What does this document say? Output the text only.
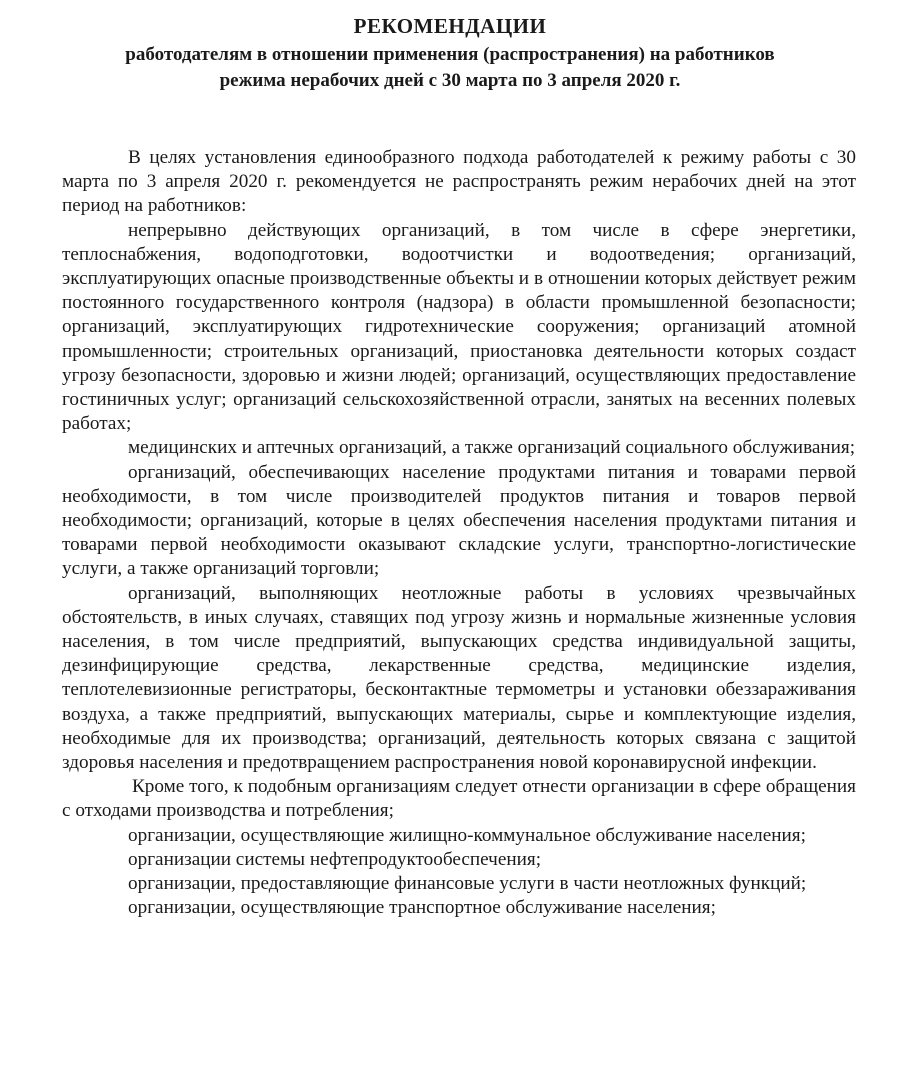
РЕКОМЕНДАЦИИ
работодателям в отношении применения (распространения) на работников
режима нерабочих дней с 30 марта по 3 апреля 2020 г.

В целях установления единообразного подхода работодателей к режиму работы с 30 марта по 3 апреля 2020 г. рекомендуется не распространять режим нерабочих дней на этот период на работников:

непрерывно действующих организаций, в том числе в сфере энергетики, теплоснабжения, водоподготовки, водоотчистки и водоотведения; организаций, эксплуатирующих опасные производственные объекты и в отношении которых действует режим постоянного государственного контроля (надзора) в области промышленной безопасности; организаций, эксплуатирующих гидротехнические сооружения; организаций атомной промышленности; строительных организаций, приостановка деятельности которых создаст угрозу безопасности, здоровью и жизни людей; организаций, осуществляющих предоставление гостиничных услуг; организаций сельскохозяйственной отрасли, занятых на весенних полевых работах;

медицинских и аптечных организаций, а также организаций социального обслуживания;

организаций, обеспечивающих население продуктами питания и товарами первой необходимости, в том числе производителей продуктов питания и товаров первой необходимости; организаций, которые в целях обеспечения населения продуктами питания и товарами первой необходимости оказывают складские услуги, транспортно-логистические услуги, а также организаций торговли;

организаций, выполняющих неотложные работы в условиях чрезвычайных обстоятельств, в иных случаях, ставящих под угрозу жизнь и нормальные жизненные условия населения, в том числе предприятий, выпускающих средства индивидуальной защиты, дезинфицирующие средства, лекарственные средства, медицинские изделия, теплотелевизионные регистраторы, бесконтактные термометры и установки обеззараживания воздуха, а также предприятий, выпускающих материалы, сырье и комплектующие изделия, необходимые для их производства; организаций, деятельность которых связана с защитой здоровья населения и предотвращением распространения новой коронавирусной инфекции.

Кроме того, к подобным организациям следует отнести организации в сфере обращения с отходами производства и потребления;

организации, осуществляющие жилищно-коммунальное обслуживание населения;

организации системы нефтепродуктообеспечения;

организации, предоставляющие финансовые услуги в части неотложных функций;

организации, осуществляющие транспортное обслуживание населения;
